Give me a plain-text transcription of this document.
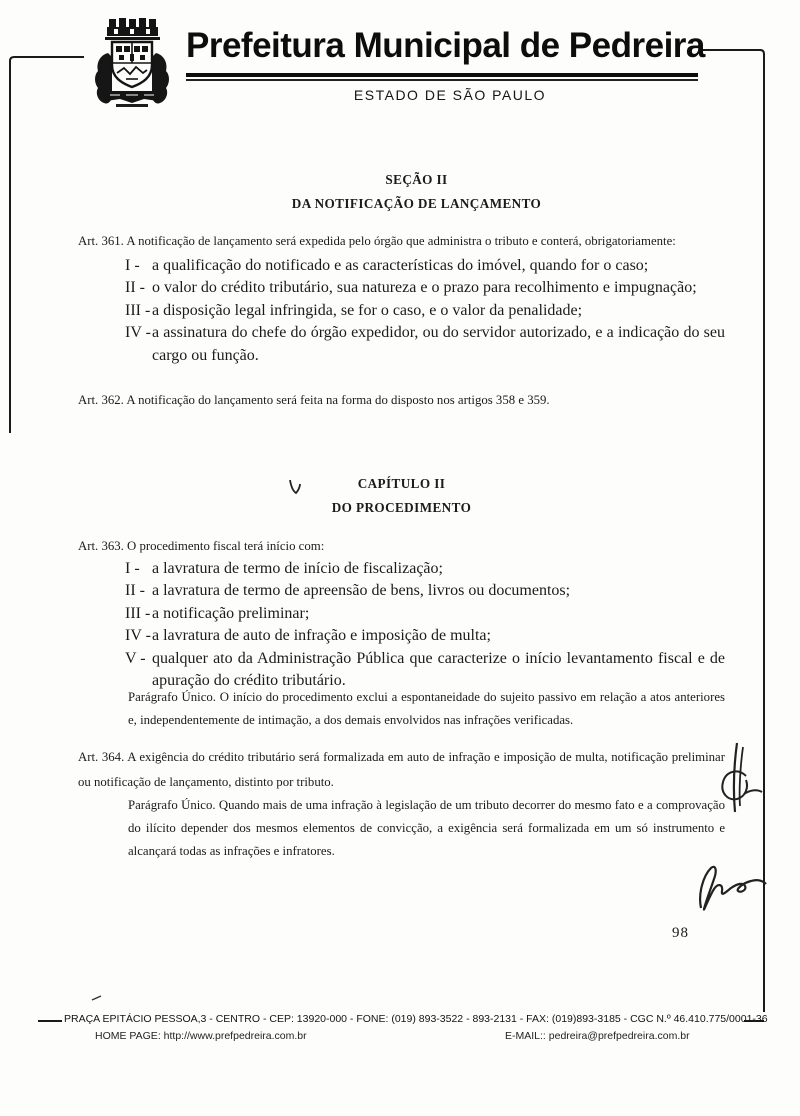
Prefeitura Municipal de Pedreira
ESTADO DE SÃO PAULO
SEÇÃO II
DA NOTIFICAÇÃO DE LANÇAMENTO
Art. 361. A notificação de lançamento será expedida pelo órgão que administra o tributo e conterá, obrigatoriamente:
I - a qualificação do notificado e as características do imóvel, quando for o caso;
II - o valor do crédito tributário, sua natureza e o prazo para recolhimento e impugnação;
III - a disposição legal infringida, se for o caso, e o valor da penalidade;
IV - a assinatura do chefe do órgão expedidor, ou do servidor autorizado, e a indicação do seu cargo ou função.
Art. 362. A notificação do lançamento será feita na forma do disposto nos artigos 358 e 359.
CAPÍTULO II
DO PROCEDIMENTO
Art. 363. O procedimento fiscal terá início com:
I - a lavratura de termo de início de fiscalização;
II - a lavratura de termo de apreensão de bens, livros ou documentos;
III - a notificação preliminar;
IV - a lavratura de auto de infração e imposição de multa;
V - qualquer ato da Administração Pública que caracterize o início levantamento fiscal e de apuração do crédito tributário.
Parágrafo Único. O início do procedimento exclui a espontaneidade do sujeito passivo em relação a atos anteriores e, independentemente de intimação, a dos demais envolvidos nas infrações verificadas.
Art. 364. A exigência do crédito tributário será formalizada em auto de infração e imposição de multa, notificação preliminar ou notificação de lançamento, distinto por tributo.
Parágrafo Único. Quando mais de uma infração à legislação de um tributo decorrer do mesmo fato e a comprovação do ilícito depender dos mesmos elementos de convicção, a exigência será formalizada em um só instrumento e alcançará todas as infrações e infratores.
98
PRAÇA EPITÁCIO PESSOA,3 - CENTRO - CEP: 13920-000 - FONE: (019) 893-3522 - 893-2131 - FAX: (019)893-3185 - CGC N.º 46.410.775/0001-36
HOME PAGE: http://www.prefpedreira.com.br	E-MAIL:: pedreira@prefpedreira.com.br
